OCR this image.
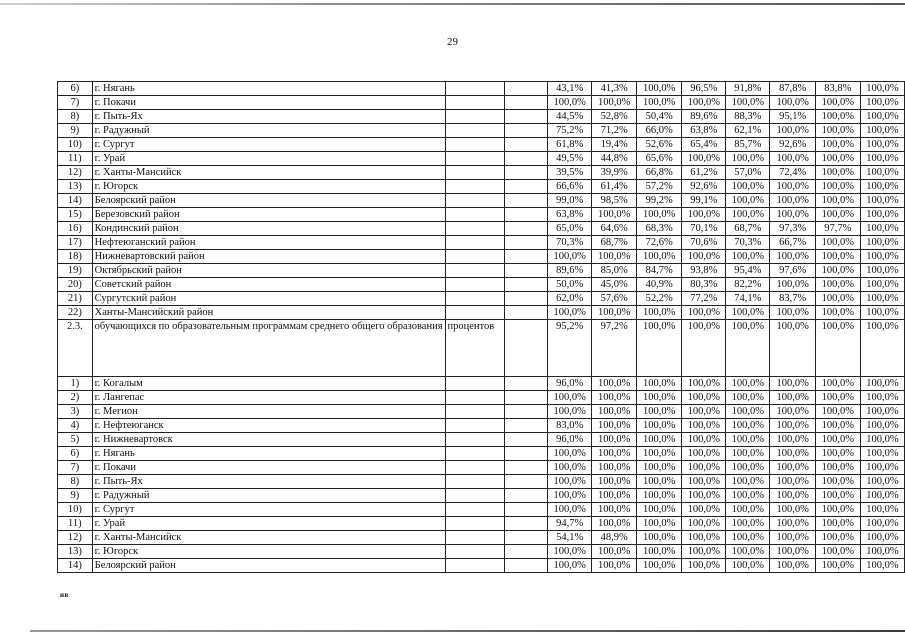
29
6)	г. Нягань			43,1%	41,3%	100,0%	96,5%	91,8%	87,8%	83,8%	100,0%
7)	г. Покачи			100,0%	100,0%	100,0%	100,0%	100,0%	100,0%	100,0%	100,0%
8)	г. Пыть-Ях			44,5%	52,8%	50,4%	89,6%	88,3%	95,1%	100,0%	100,0%
9)	г. Радужный			75,2%	71,2%	66,0%	63,8%	62,1%	100,0%	100,0%	100,0%
10)	г. Сургут			61,8%	19,4%	52,6%	65,4%	85,7%	92,6%	100,0%	100,0%
11)	г. Урай			49,5%	44,8%	65,6%	100,0%	100,0%	100,0%	100,0%	100,0%
12)	г. Ханты-Мансийск			39,5%	39,9%	66,8%	61,2%	57,0%	72,4%	100,0%	100,0%
13)	г. Югорск			66,6%	61,4%	57,2%	92,6%	100,0%	100,0%	100,0%	100,0%
14)	Белоярский район			99,0%	98,5%	99,2%	99,1%	100,0%	100,0%	100,0%	100,0%
15)	Березовский район			63,8%	100,0%	100,0%	100,0%	100,0%	100,0%	100,0%	100,0%
16)	Кондинский район			65,0%	64,6%	68,3%	70,1%	68,7%	97,3%	97,7%	100,0%
17)	Нефтеюганский район			70,3%	68,7%	72,6%	70,6%	70,3%	66,7%	100,0%	100,0%
18)	Нижневартовский район			100,0%	100,0%	100,0%	100,0%	100,0%	100,0%	100,0%	100,0%
19)	Октябрьский район			89,6%	85,0%	84,7%	93,8%	95,4%	97,6%	100,0%	100,0%
20)	Советский район			50,0%	45,0%	40,9%	80,3%	82,2%	100,0%	100,0%	100,0%
21)	Сургутский район			62,0%	57,6%	52,2%	77,2%	74,1%	83,7%	100,0%	100,0%
22)	Ханты-Мансийский район			100,0%	100,0%	100,0%	100,0%	100,0%	100,0%	100,0%	100,0%
2.3.	обучающихся по образовательным программам среднего общего образования	процентов		95,2%	97,2%	100,0%	100,0%	100,0%	100,0%	100,0%	100,0%
1)	г. Когалым			96,0%	100,0%	100,0%	100,0%	100,0%	100,0%	100,0%	100,0%
2)	г. Лангепас			100,0%	100,0%	100,0%	100,0%	100,0%	100,0%	100,0%	100,0%
3)	г. Мегион			100,0%	100,0%	100,0%	100,0%	100,0%	100,0%	100,0%	100,0%
4)	г. Нефтеюганск			83,0%	100,0%	100,0%	100,0%	100,0%	100,0%	100,0%	100,0%
5)	г. Нижневартовск			96,0%	100,0%	100,0%	100,0%	100,0%	100,0%	100,0%	100,0%
6)	г. Нягань			100,0%	100,0%	100,0%	100,0%	100,0%	100,0%	100,0%	100,0%
7)	г. Покачи			100,0%	100,0%	100,0%	100,0%	100,0%	100,0%	100,0%	100,0%
8)	г. Пыть-Ях			100,0%	100,0%	100,0%	100,0%	100,0%	100,0%	100,0%	100,0%
9)	г. Радужный			100,0%	100,0%	100,0%	100,0%	100,0%	100,0%	100,0%	100,0%
10)	г. Сургут			100,0%	100,0%	100,0%	100,0%	100,0%	100,0%	100,0%	100,0%
11)	г. Урай			94,7%	100,0%	100,0%	100,0%	100,0%	100,0%	100,0%	100,0%
12)	г. Ханты-Мансийск			54,1%	48,9%	100,0%	100,0%	100,0%	100,0%	100,0%	100,0%
13)	г. Югорск			100,0%	100,0%	100,0%	100,0%	100,0%	100,0%	100,0%	100,0%
14)	Белоярский район			100,0%	100,0%	100,0%	100,0%	100,0%	100,0%	100,0%	100,0%
нв
